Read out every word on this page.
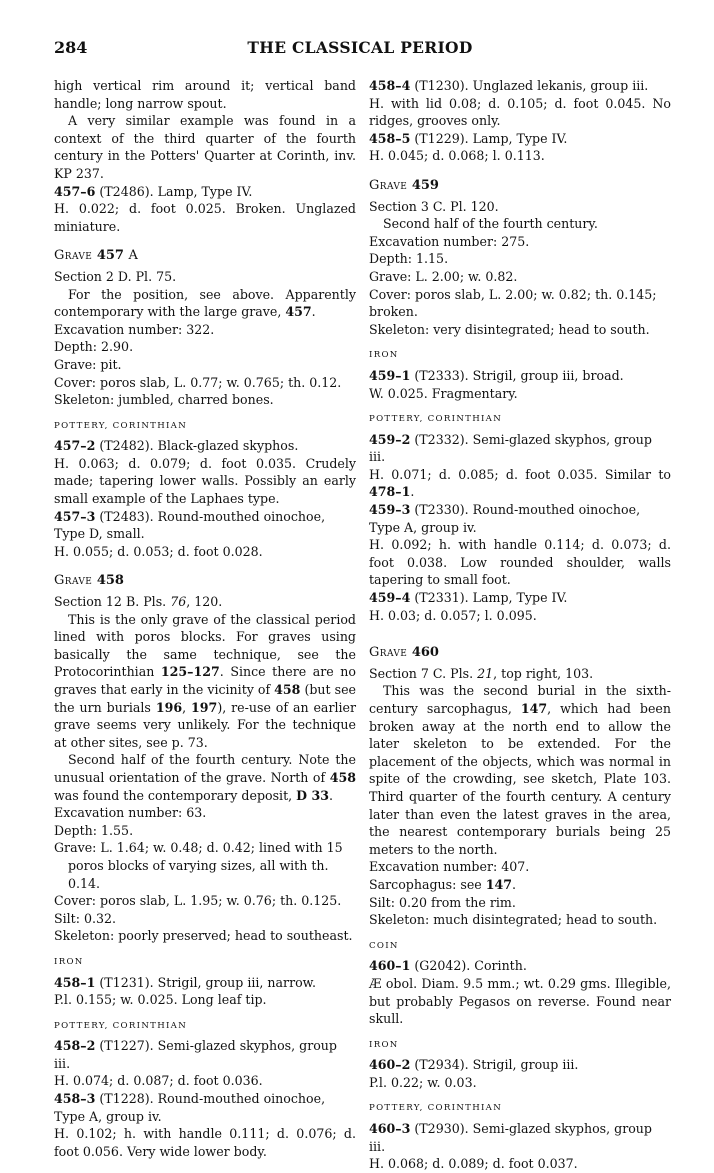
284	THE CLASSICAL PERIOD

high vertical rim around it; vertical band handle; long narrow spout.

A very similar example was found in a context of the third quarter of the fourth century in the Potters' Quarter at Corinth, inv. KP 237.

457–6 (T2486). Lamp, Type IV.

H. 0.022; d. foot 0.025. Broken. Unglazed miniature.

Grave 457 A

Section 2 D. Pl. 75.

For the position, see above. Apparently contemporary with the large grave, 457.

Excavation number: 322.

Depth: 2.90.

Grave: pit.

Cover: poros slab, L. 0.77; w. 0.765; th. 0.12.

Skeleton: jumbled, charred bones.

POTTERY, CORINTHIAN

457–2 (T2482). Black-glazed skyphos.

H. 0.063; d. 0.079; d. foot 0.035. Crudely made; tapering lower walls. Possibly an early small example of the Laphaes type.

457–3 (T2483). Round-mouthed oinochoe, Type D, small.

H. 0.055; d. 0.053; d. foot 0.028.

Grave 458

Section 12 B. Pls. 76, 120.

This is the only grave of the classical period lined with poros blocks. For graves using basically the same technique, see the Protocorinthian 125–127. Since there are no graves that early in the vicinity of 458 (but see the urn burials 196, 197), re-use of an earlier grave seems very unlikely. For the technique at other sites, see p. 73.

Second half of the fourth century. Note the unusual orientation of the grave. North of 458 was found the contemporary deposit, D 33.

Excavation number: 63.

Depth: 1.55.

Grave: L. 1.64; w. 0.48; d. 0.42; lined with 15 poros blocks of varying sizes, all with th. 0.14.

Cover: poros slab, L. 1.95; w. 0.76; th. 0.125.

Silt: 0.32.

Skeleton: poorly preserved; head to southeast.

IRON

458–1 (T1231). Strigil, group iii, narrow.

P.l. 0.155; w. 0.025. Long leaf tip.

POTTERY, CORINTHIAN

458–2 (T1227). Semi-glazed skyphos, group iii.

H. 0.074; d. 0.087; d. foot 0.036.

458–3 (T1228). Round-mouthed oinochoe, Type A, group iv.

H. 0.102; h. with handle 0.111; d. 0.076; d. foot 0.056. Very wide lower body.

458–4 (T1230). Unglazed lekanis, group iii.

H. with lid 0.08; d. 0.105; d. foot 0.045. No ridges, grooves only.

458–5 (T1229). Lamp, Type IV.

H. 0.045; d. 0.068; l. 0.113.

Grave 459

Section 3 C. Pl. 120.

Second half of the fourth century.

Excavation number: 275.

Depth: 1.15.

Grave: L. 2.00; w. 0.82.

Cover: poros slab, L. 2.00; w. 0.82; th. 0.145; broken.

Skeleton: very disintegrated; head to south.

IRON

459–1 (T2333). Strigil, group iii, broad.

W. 0.025. Fragmentary.

POTTERY, CORINTHIAN

459–2 (T2332). Semi-glazed skyphos, group iii.

H. 0.071; d. 0.085; d. foot 0.035. Similar to 478–1.

459–3 (T2330). Round-mouthed oinochoe, Type A, group iv.

H. 0.092; h. with handle 0.114; d. 0.073; d. foot 0.038. Low rounded shoulder, walls tapering to small foot.

459–4 (T2331). Lamp, Type IV.

H. 0.03; d. 0.057; l. 0.095.

Grave 460

Section 7 C. Pls. 21, top right, 103.

This was the second burial in the sixth-century sarcophagus, 147, which had been broken away at the north end to allow the later skeleton to be extended. For the placement of the objects, which was normal in spite of the crowding, see sketch, Plate 103. Third quarter of the fourth century. A century later than even the latest graves in the area, the nearest contemporary burials being 25 meters to the north.

Excavation number: 407.

Sarcophagus: see 147.

Silt: 0.20 from the rim.

Skeleton: much disintegrated; head to south.

COIN

460–1 (G2042). Corinth.

Æ obol. Diam. 9.5 mm.; wt. 0.29 gms. Illegible, but probably Pegasos on reverse. Found near skull.

IRON

460–2 (T2934). Strigil, group iii.

P.l. 0.22; w. 0.03.

POTTERY, CORINTHIAN

460–3 (T2930). Semi-glazed skyphos, group iii.

H. 0.068; d. 0.089; d. foot 0.037.
